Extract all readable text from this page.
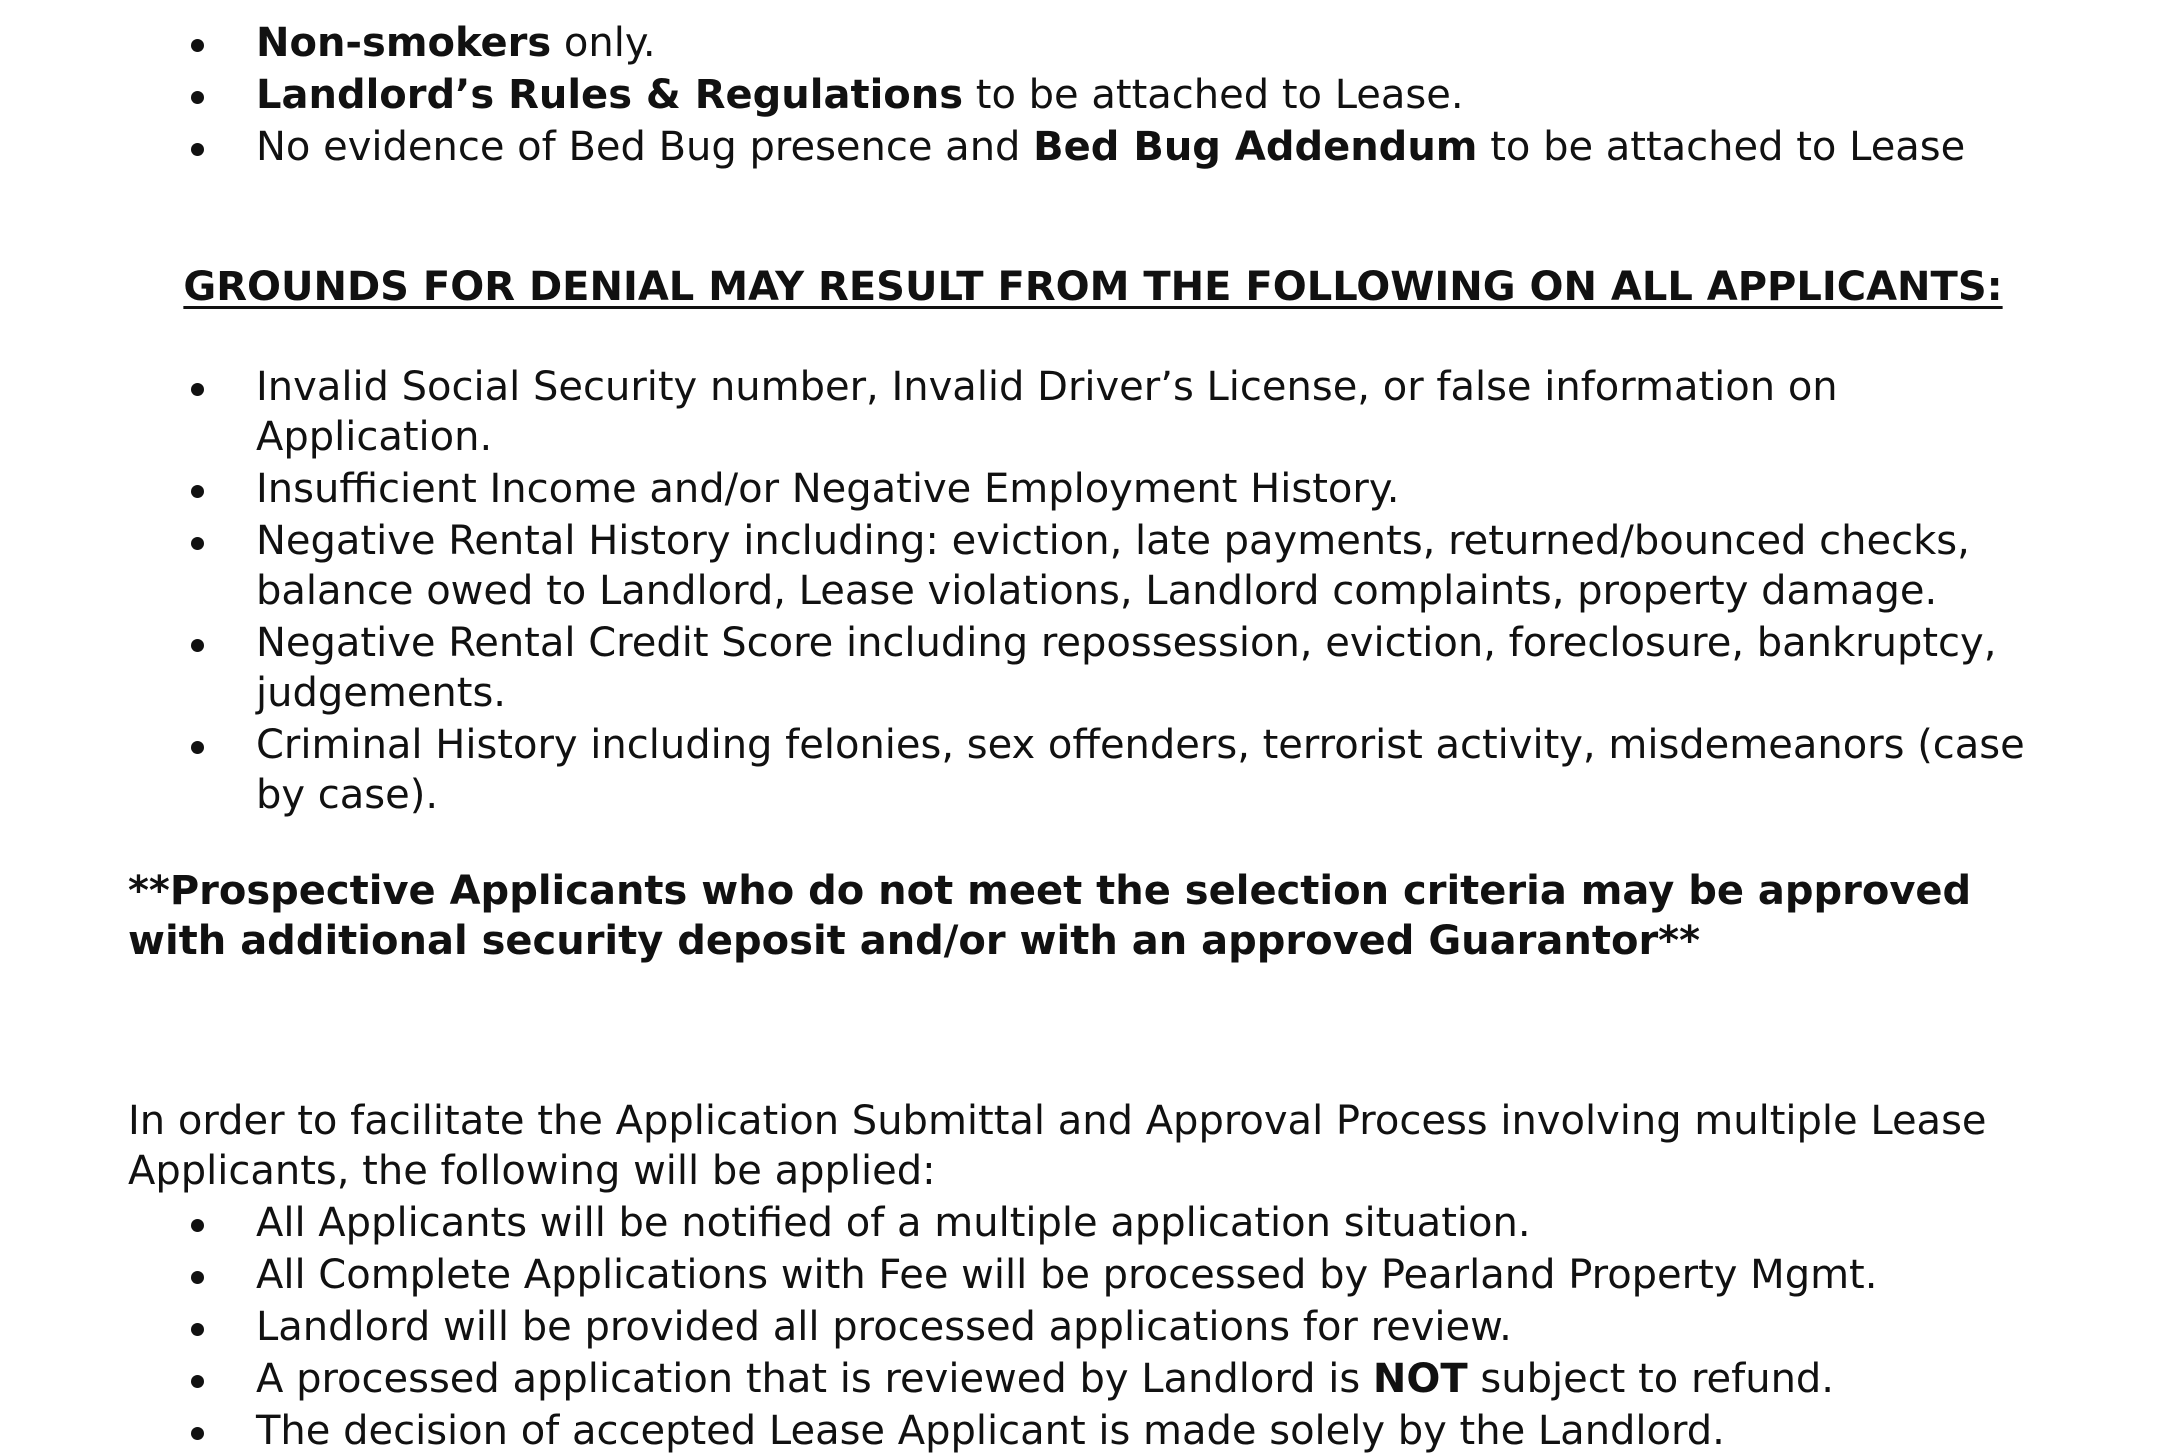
Non-smokers only.
Landlord’s Rules & Regulations to be attached to Lease.
No evidence of Bed Bug presence and Bed Bug Addendum to be attached to Lease
GROUNDS FOR DENIAL MAY RESULT FROM THE FOLLOWING ON ALL APPLICANTS:
Invalid Social Security number, Invalid Driver’s License, or false information on Application.
Insufficient Income and/or Negative Employment History.
Negative Rental History including: eviction, late payments, returned/bounced checks, balance owed to Landlord, Lease violations, Landlord complaints, property damage.
Negative Rental Credit Score including repossession, eviction, foreclosure, bankruptcy, judgements.
Criminal History including felonies, sex offenders, terrorist activity, misdemeanors (case by case).
**Prospective Applicants who do not meet the selection criteria may be approved with additional security deposit and/or with an approved Guarantor**
In order to facilitate the Application Submittal and Approval Process involving multiple Lease Applicants, the following will be applied:
All Applicants will be notified of a multiple application situation.
All Complete Applications with Fee will be processed by Pearland Property Mgmt.
Landlord will be provided all processed applications for review.
A processed application that is reviewed by Landlord is NOT subject to refund.
The decision of accepted Lease Applicant is made solely by the Landlord.
